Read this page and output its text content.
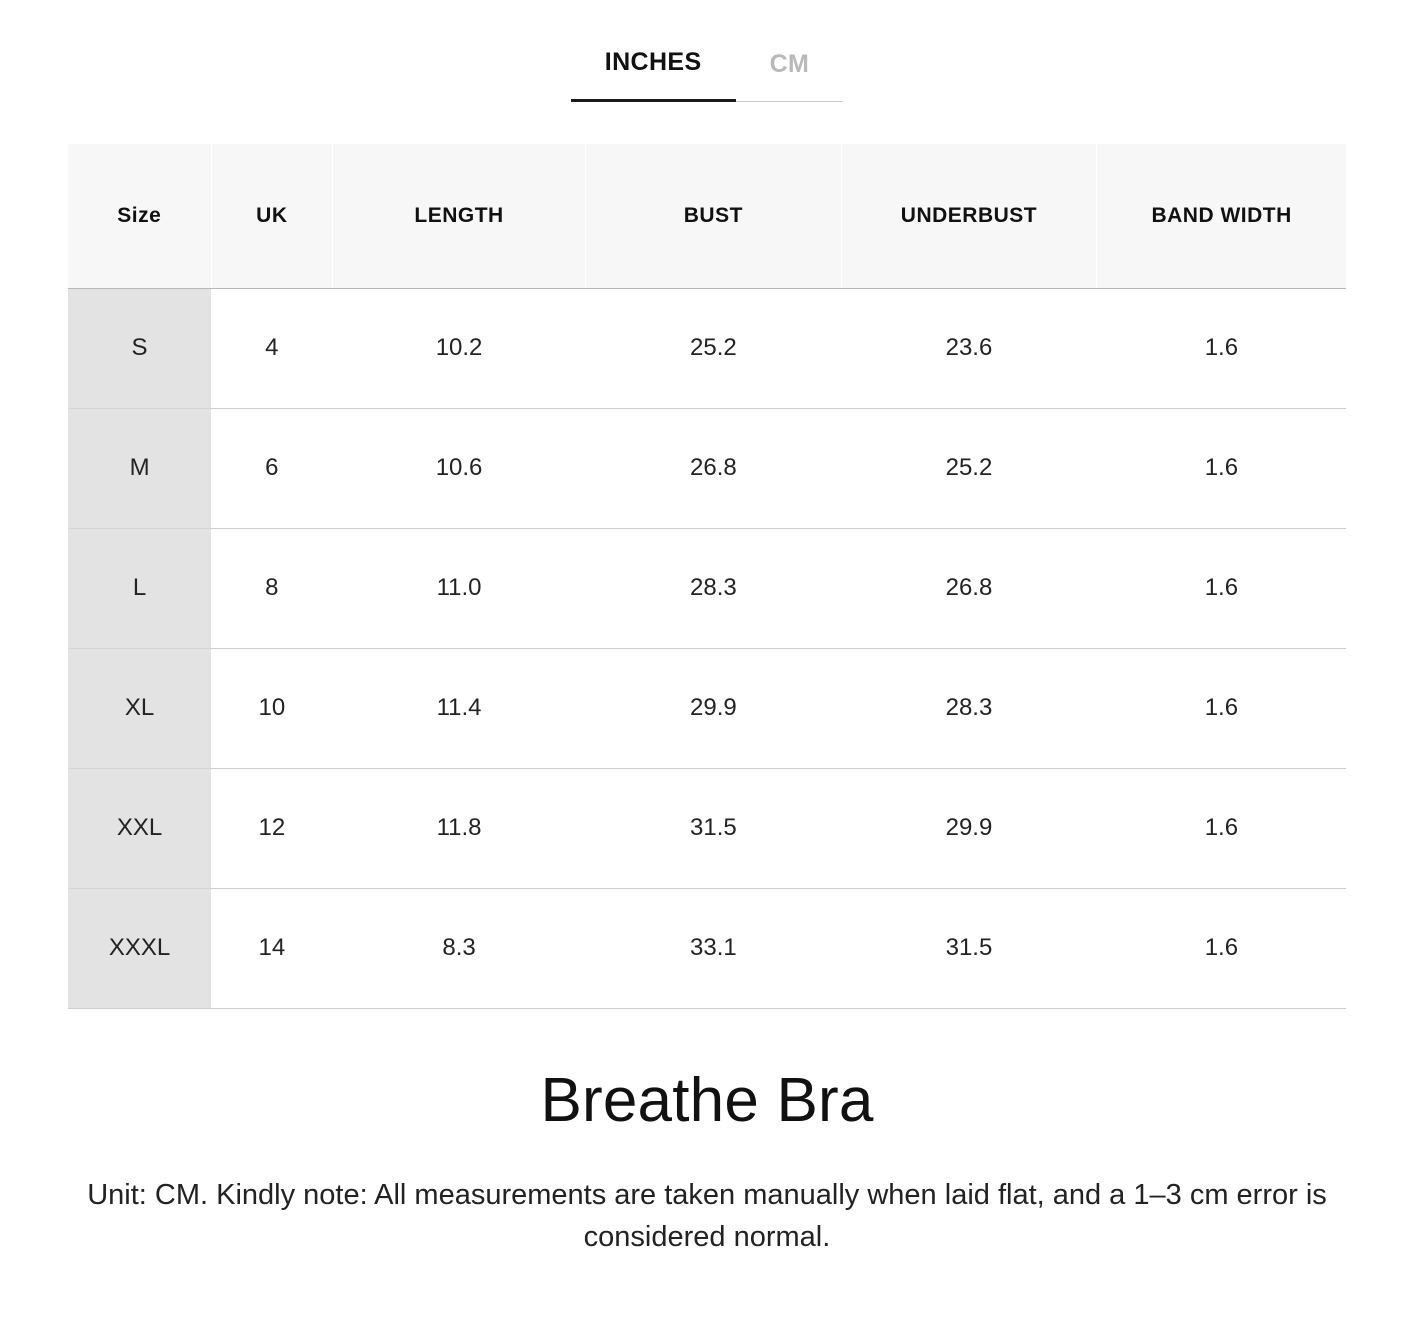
INCHES	CM
Size	UK	LENGTH	BUST	UNDERBUST	BAND WIDTH
S	4	10.2	25.2	23.6	1.6
M	6	10.6	26.8	25.2	1.6
L	8	11.0	28.3	26.8	1.6
XL	10	11.4	29.9	28.3	1.6
XXL	12	11.8	31.5	29.9	1.6
XXXL	14	8.3	33.1	31.5	1.6
Breathe Bra

Unit: CM. Kindly note: All measurements are taken manually when laid flat, and a 1–3 cm error is considered normal.
